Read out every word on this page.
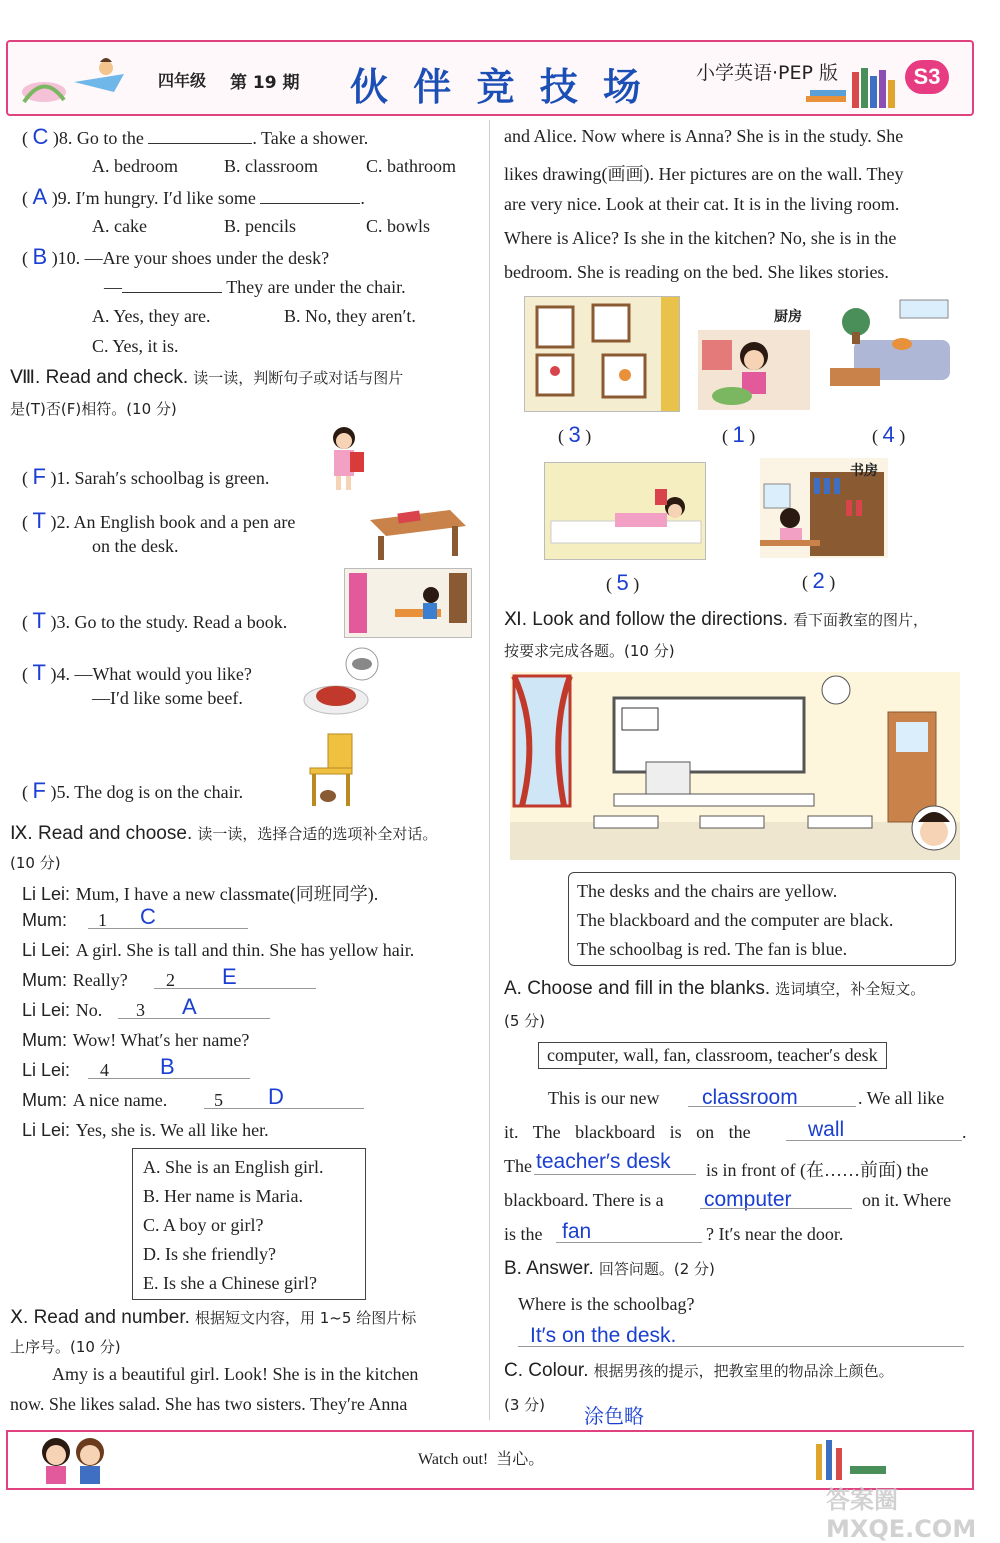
四年级 第 19 期 伙 伴 竞 技 场	小学英语·PEP 版	S3
( C )8. Go to the	. Take a shower.
A. bedroom	B. classroom	C. bathroom
( A )9. I′m hungry. I′d like some	.
A. cake	B. pencils	C. bowls
( B )10. —Are your shoes under the desk?
—	They are under the chair.
A. Yes, they are.	B. No, they aren′t.
C. Yes, it is.
Ⅷ. Read and check. 读一读，判断句子或对话与图片
是(T)否(F)相符。(10 分)
( F )1. Sarah′s schoolbag is green.
( T )2. An English book and a pen are
on the desk.
( T )3. Go to the study. Read a book.
( T )4. —What would you like?
—I′d like some beef.
( F )5. The dog is on the chair.
Ⅸ. Read and choose. 读一读，选择合适的选项补全对话。
(10 分)
Li Lei: Mum, I have a new classmate(同班同学).
Mum: 1 C
Li Lei: A girl. She is tall and thin. She has yellow hair.
Mum: Really? 2 E
Li Lei: No. 3 A
Mum: Wow! What′s her name?
Li Lei: 4 B
Mum: A nice name.	5 D
Li Lei: Yes, she is. We all like her.
A. She is an English girl.
B. Her name is Maria.
C. A boy or girl?
D. Is she friendly?
E. Is she a Chinese girl?
Ⅹ. Read and number. 根据短文内容，用 1~5 给图片标
上序号。(10 分)
Amy is a beautiful girl. Look! She is in the kitchen
now. She likes salad. She has two sisters. They′re Anna
and Alice. Now where is Anna? She is in the study. She
likes drawing(画画). Her pictures are on the wall. They
are very nice. Look at their cat. It is in the living room.
Where is Alice? Is she in the kitchen? No, she is in the
bedroom. She is reading on the bed. She likes stories.
厨房
( 3 )	( 1 )	( 4 )
书房
( 5 )	( 2 )
Ⅺ. Look and follow the directions. 看下面教室的图片，
按要求完成各题。(10 分)
The desks and the chairs are yellow.
The blackboard and the computer are black.
The schoolbag is red. The fan is blue.
A. Choose and fill in the blanks. 选词填空，补全短文。
(5 分)
computer, wall, fan, classroom, teacher′s desk
This is our new classroom	. We all like
it. The blackboard is on the	wall	.
The teacher′s desk is in front of (在……前面) the
blackboard. There is a computer	on it. Where
is the fan	? It′s near the door.
B. Answer. 回答问题。(2 分)
Where is the schoolbag?
It′s on the desk.
C. Colour. 根据男孩的提示，把教室里的物品涂上颜色。
(3 分) 涂色略
Watch out!  当心。
答案圈 MXQE.COM
